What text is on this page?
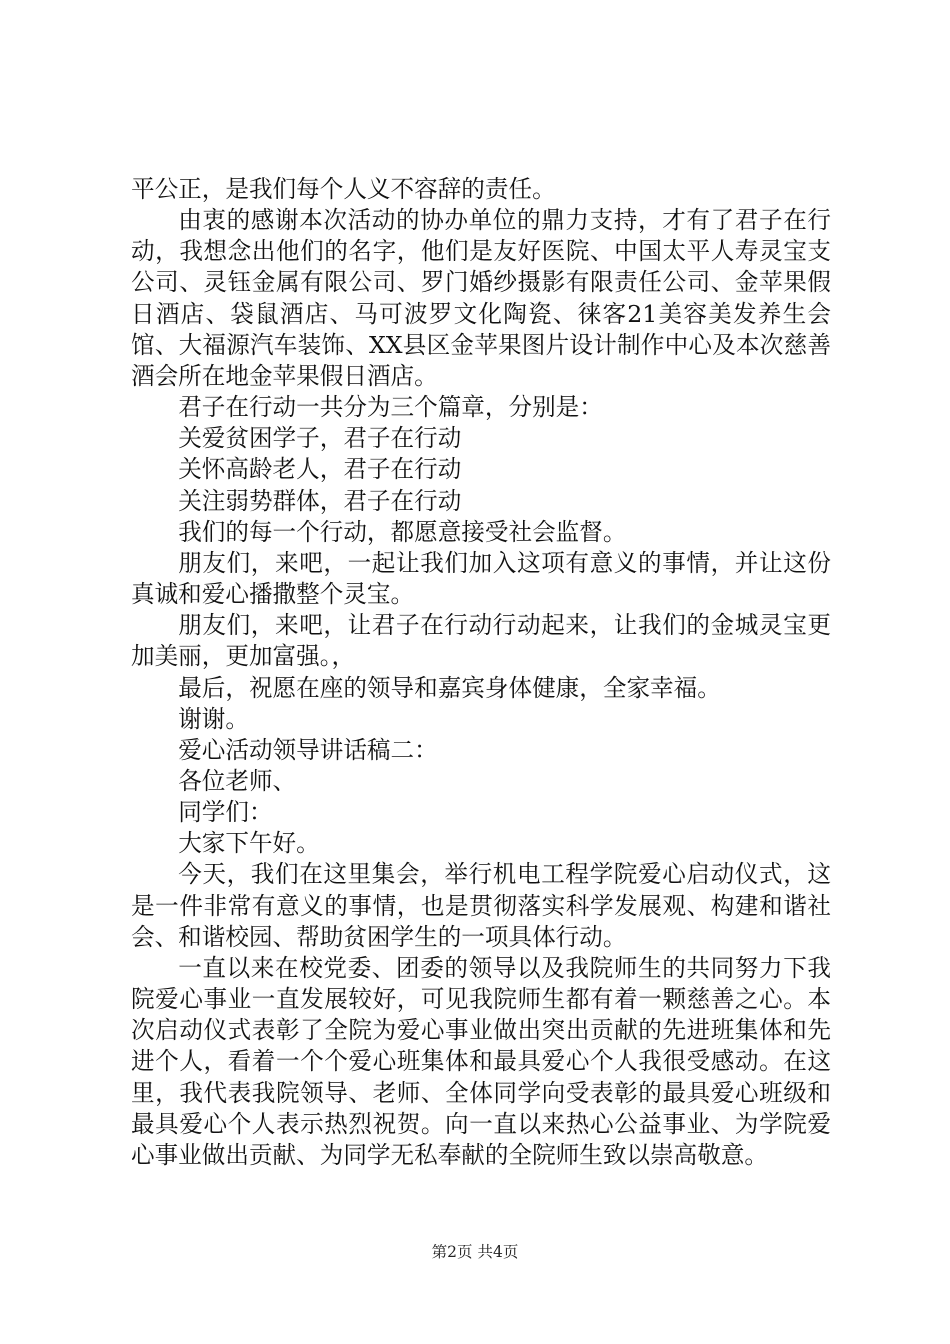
平公正，是我们每个人义不容辞的责任。

由衷的感谢本次活动的协办单位的鼎力支持，才有了君子在行动，我想念出他们的名字，他们是友好医院、中国太平人寿灵宝支公司、灵钰金属有限公司、罗门婚纱摄影有限责任公司、金苹果假日酒店、袋鼠酒店、马可波罗文化陶瓷、徕客21美容美发养生会馆、大福源汽车装饰、XX县区金苹果图片设计制作中心及本次慈善酒会所在地金苹果假日酒店。

君子在行动一共分为三个篇章，分别是：

关爱贫困学子，君子在行动

关怀高龄老人，君子在行动

关注弱势群体，君子在行动

我们的每一个行动，都愿意接受社会监督。

朋友们，来吧，一起让我们加入这项有意义的事情，并让这份真诚和爱心播撒整个灵宝。

朋友们，来吧，让君子在行动行动起来，让我们的金城灵宝更加美丽，更加富强。，

最后，祝愿在座的领导和嘉宾身体健康，全家幸福。

谢谢。

爱心活动领导讲话稿二：

各位老师、

同学们：

大家下午好。

今天，我们在这里集会，举行机电工程学院爱心启动仪式，这是一件非常有意义的事情，也是贯彻落实科学发展观、构建和谐社会、和谐校园、帮助贫困学生的一项具体行动。

一直以来在校党委、团委的领导以及我院师生的共同努力下我院爱心事业一直发展较好，可见我院师生都有着一颗慈善之心。本次启动仪式表彰了全院为爱心事业做出突出贡献的先进班集体和先进个人，看着一个个爱心班集体和最具爱心个人我很受感动。在这里，我代表我院领导、老师、全体同学向受表彰的最具爱心班级和最具爱心个人表示热烈祝贺。向一直以来热心公益事业、为学院爱心事业做出贡献、为同学无私奉献的全院师生致以崇高敬意。

第2页 共4页
